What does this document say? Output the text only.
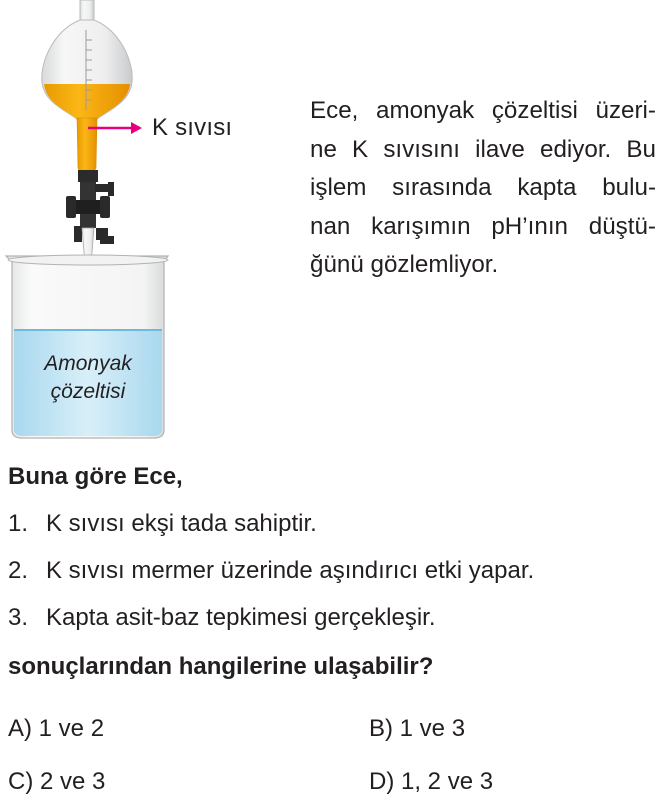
K sıvısı
Amonyak
çözeltisi
Ece, amonyak çözeltisi üzeri-
ne K sıvısını ilave ediyor. Bu
işlem sırasında kapta bulu-
nan karışımın pH’ının düştü-
ğünü gözlemliyor.
Buna göre Ece,
1. K sıvısı ekşi tada sahiptir.
2. K sıvısı mermer üzerinde aşındırıcı etki yapar.
3. Kapta asit-baz tepkimesi gerçekleşir.
sonuçlarından hangilerine ulaşabilir?
A) 1 ve 2	B) 1 ve 3
C) 2 ve 3	D) 1, 2 ve 3
